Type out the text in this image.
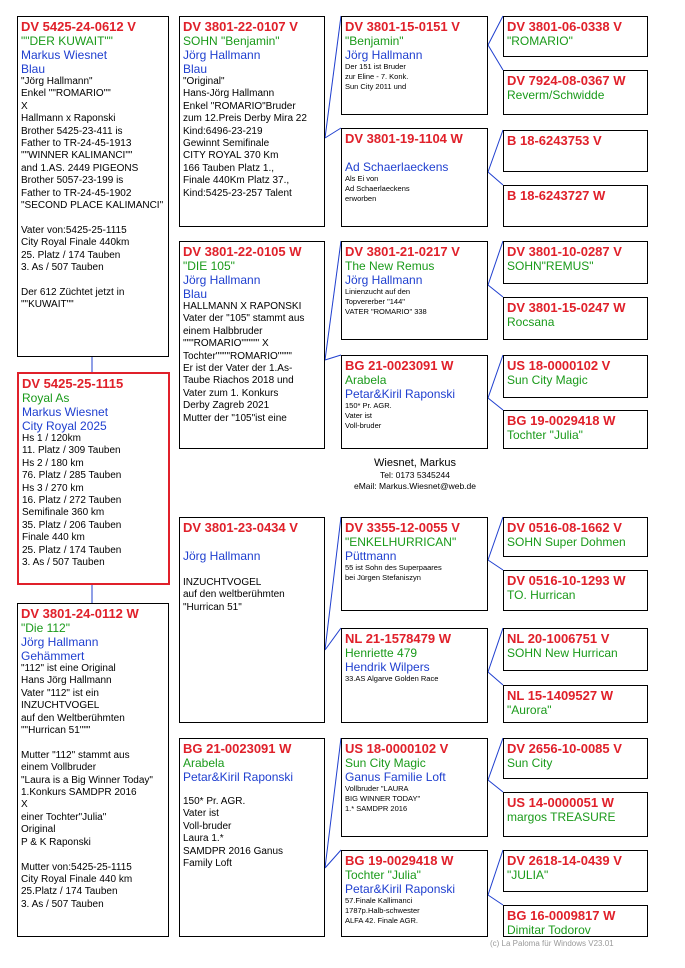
DV 5425-24-0612 V
""DER KUWAIT""
Markus Wiesnet
Blau
"Jörg Hallmann"
Enkel ""ROMARIO""
X
Hallmann x Raponski
Brother 5425-23-411 is
Father to TR-24-45-1913
""WINNER KALIMANCI""
and 1.AS. 2449 PIGEONS
Brother 5057-23-199 is
Father to TR-24-45-1902
"SECOND PLACE KALIMANCI"

Vater von:5425-25-1115
City Royal Finale 440km
25. Platz / 174 Tauben
3. As / 507 Tauben

Der 612 Züchtet jetzt in
""KUWAIT""
DV 5425-25-1115
Royal As
Markus Wiesnet
City Royal 2025
Hs 1 / 120km
11. Platz / 309 Tauben
Hs 2 / 180 km
76. Platz / 285 Tauben
Hs 3 / 270 km
16. Platz / 272 Tauben
Semifinale 360 km
35. Platz / 206 Tauben
Finale 440 km
25. Platz / 174 Tauben
3. As / 507 Tauben
DV 3801-24-0112 W
"Die 112"
Jörg Hallmann
Gehämmert
"112" ist eine Original
Hans Jörg Hallmann
Vater "112" ist ein
INZUCHTVOGEL
auf den Weltberühmten
""Hurrican 51"""

Mutter "112" stammt aus
einem Vollbruder
"Laura is a Big Winner Today"
1.Konkurs SAMDPR 2016
X
einer Tochter"Julia"
Original
P & K Raponski

Mutter von:5425-25-1115
City Royal Finale 440 km
25.Platz / 174 Tauben
3. As / 507 Tauben
DV 3801-22-0107 V
SOHN "Benjamin"
Jörg Hallmann
Blau
"Original"
Hans-Jörg Hallmann
Enkel "ROMARIO"Bruder
zum 12.Preis Derby Mira 22
Kind:6496-23-219
Gewinnt Semifinale
CITY ROYAL 370 Km
166 Tauben Platz 1.,
Finale 440Km Platz 37.,
Kind:5425-23-257 Talent
DV 3801-22-0105 W
"DIE 105"
Jörg Hallmann
Blau
HALLMANN X RAPONSKI
Vater der "105" stammt aus
einem Halbbruder
"""ROMARIO""""" X
Tochter""""ROMARIO""""
Er ist der Vater der 1.As-
Taube Riachos 2018 und
Vater zum 1. Konkurs
Derby Zagreb 2021
Mutter der "105"ist eine
DV 3801-23-0434 V
Jörg Hallmann
INZUCHTVOGEL
auf den weltberühmten
"Hurrican 51"
BG 21-0023091 W
Arabela
Petar&Kiril Raponski
150* Pr. AGR.
Vater ist
Voll-bruder
Laura 1.*
SAMDPR 2016 Ganus
Family Loft
DV 3801-15-0151 V
"Benjamin"
Jörg Hallmann
Der 151 ist Bruder
zur Eline - 7. Konk.
Sun City 2011 und
DV 3801-19-1104 W
Ad Schaerlaeckens
Als Ei von
Ad Schaerlaeckens
erworben
DV 3801-21-0217 V
The New Remus
Jörg Hallmann
Linienzucht auf den
Topvererber "144"
VATER "ROMARIO" 338
BG 21-0023091 W
Arabela
Petar&Kiril Raponski
150* Pr. AGR.
Vater ist
Voll-bruder
Wiesnet, Markus
Tel: 0173 5345244
eMail: Markus.Wiesnet@web.de
DV 3355-12-0055 V
"ENKELHURRICAN"
Püttmann
55 ist Sohn des Superpaares
bei Jürgen Stefaniszyn
NL 21-1578479 W
Henriette 479
Hendrik Wilpers
33.AS Algarve Golden Race
US 18-0000102 V
Sun City Magic
Ganus Familie Loft
Vollbruder "LAURA
BIG WINNER TODAY"
1.* SAMDPR 2016
BG 19-0029418 W
Tochter "Julia"
Petar&Kiril Raponski
57.Finale Kallimanci
1787p.Halb-schwester
ALFA 42. Finale AGR.
DV 3801-06-0338 V
"ROMARIO"
DV 7924-08-0367 W
Reverm/Schwidde
B 18-6243753 V
B 18-6243727 W
DV 3801-10-0287 V
SOHN"REMUS"
DV 3801-15-0247 W
Rocsana
US 18-0000102 V
Sun City Magic
BG 19-0029418 W
Tochter "Julia"
DV 0516-08-1662 V
SOHN Super Dohmen
DV 0516-10-1293 W
TO. Hurrican
NL 20-1006751 V
SOHN New Hurrican
NL 15-1409527 W
"Aurora"
DV 2656-10-0085 V
Sun City
US 14-0000051 W
margos TREASURE
DV 2618-14-0439 V
"JULIA"
BG 16-0009817 W
Dimitar Todorov
(c) La Paloma für Windows V23.01
